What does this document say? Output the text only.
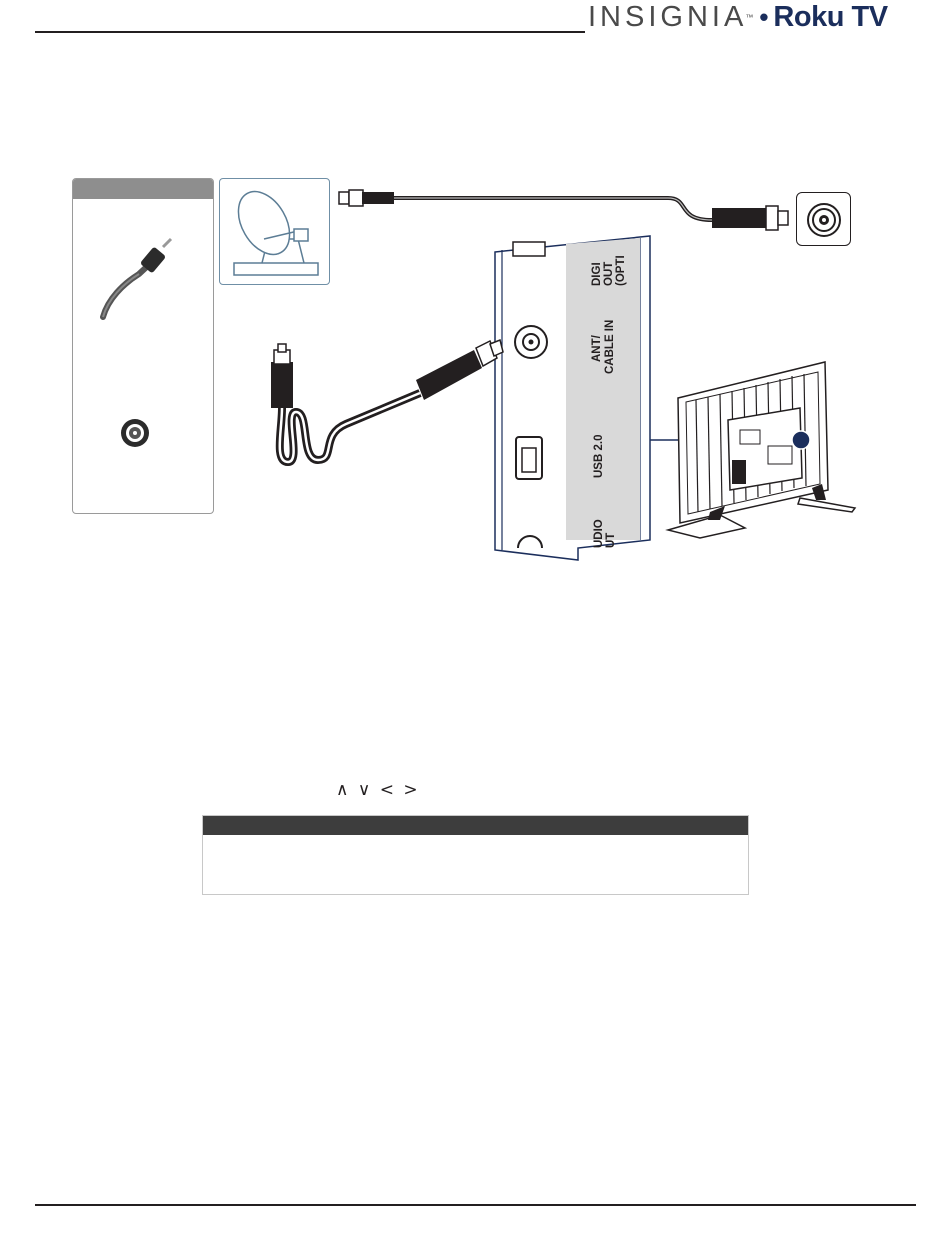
INSIGNIA
™ • Roku TV
DIGI OUT (OPTI
ANT/ CABLE IN
USB 2.0
UDIO UT
∧ ∨ < >
